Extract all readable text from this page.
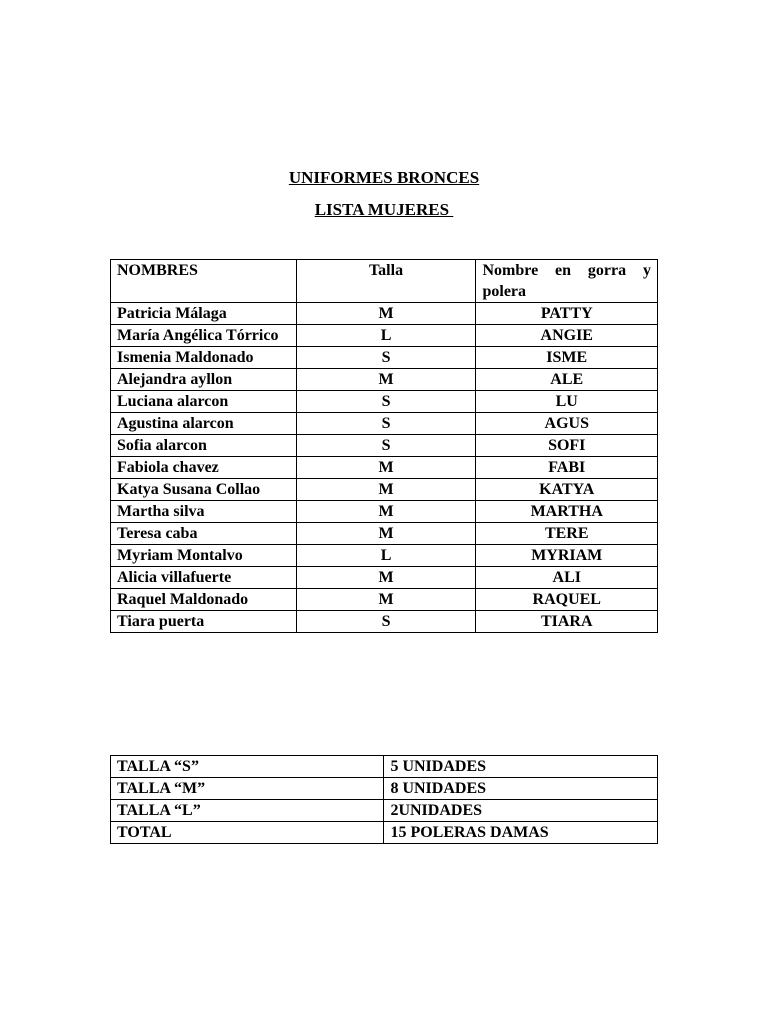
UNIFORMES BRONCES
LISTA MUJERES
NOMBRES	Talla	Nombre en gorra y polera
Patricia Málaga	M	PATTY
María Angélica Tórrico	L	ANGIE
Ismenia Maldonado	S	ISME
Alejandra ayllon	M	ALE
Luciana alarcon	S	LU
Agustina alarcon	S	AGUS
Sofia alarcon	S	SOFI
Fabiola chavez	M	FABI
Katya Susana Collao	M	KATYA
Martha silva	M	MARTHA
Teresa caba	M	TERE
Myriam Montalvo	L	MYRIAM
Alicia villafuerte	M	ALI
Raquel Maldonado	M	RAQUEL
Tiara puerta	S	TIARA
TALLA “S”	5 UNIDADES
TALLA “M”	8 UNIDADES
TALLA “L”	2UNIDADES
TOTAL	15 POLERAS DAMAS
